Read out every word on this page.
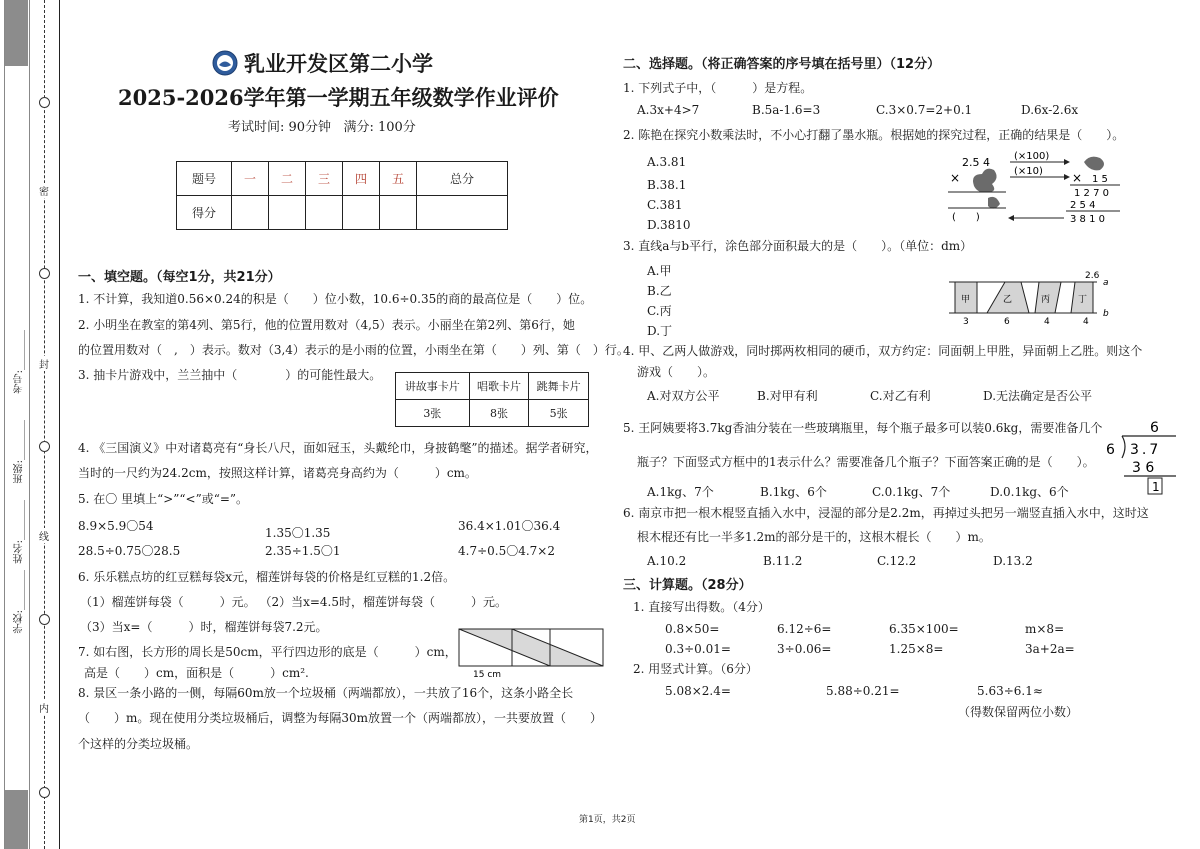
学校:________
姓名:________
班级:________
考号:________
密
封
线
内
乳业开发区第二小学
2025-2026学年第一学期五年级数学作业评价
考试时间: 90分钟   满分: 100分
题号	一	二	三	四	五	总分
得分						
一、填空题。（每空1分，共21分）
1. 不计算，我知道0.56×0.24的积是（　　）位小数，10.6÷0.35的商的最高位是（　　）位。
2. 小明坐在教室的第4列、第5行，他的位置用数对（4,5）表示。小丽坐在第2列、第6行，她
的位置用数对（　,　）表示。数对（3,4）表示的是小雨的位置，小雨坐在第（　　）列、第（　）行。
3. 抽卡片游戏中，兰兰抽中（　　　　）的可能性最大。
讲故事卡片	唱歌卡片	跳舞卡片
3张	8张	5张
4. 《三国演义》中对诸葛亮有“身长八尺，面如冠玉，头戴纶巾，身披鹤氅”的描述。据学者研究，
当时的一尺约为24.2cm，按照这样计算，诸葛亮身高约为（　　　）cm。
5. 在〇 里填上“>”“<”或“=”。
8.9×5.9〇54	1.35〇1.35	36.4×1.01〇36.4
28.5÷0.75〇28.5	2.35÷1.5〇1	4.7÷0.5〇4.7×2
6. 乐乐糕点坊的红豆糕每袋x元，榴莲饼每袋的价格是红豆糕的1.2倍。
（1）榴莲饼每袋（　　　）元。 （2）当x=4.5时，榴莲饼每袋（　　　）元。
（3）当x=（　　　）时，榴莲饼每袋7.2元。
7. 如右图，长方形的周长是50cm，平行四边形的底是（　　　）cm，
高是（　　）cm，面积是（　　　）cm².	15 cm
8. 景区一条小路的一侧，每隔60m放一个垃圾桶（两端都放），一共放了16个，这条小路全长
（　　）m。现在使用分类垃圾桶后，调整为每隔30m放置一个（两端都放），一共要放置（　　）
个这样的分类垃圾桶。
二、选择题。（将正确答案的序号填在括号里）（12分）
1. 下列式子中，（　　　）是方程。
A.3x+4>7	B.5a-1.6=3	C.3×0.7=2+0.1	D.6x-2.6x
2. 陈艳在探究小数乘法时，不小心打翻了墨水瓶。根据她的探究过程，正确的结果是（　　）。
A.3.81
B.38.1
C.381
D.3810
2.5 4
×
(　　)
(×100)
(×10) × 1 5
1 2 7 0
2 5 4
3 8 1 0
3. 直线a与b平行，涂色部分面积最大的是（　　）。（单位：dm）
A.甲
B.乙
C.丙
D.丁
2.6
a
b
甲	乙	丙	丁
3	6	4	4
4. 甲、乙两人做游戏，同时掷两枚相同的硬币，双方约定：同面朝上甲胜，异面朝上乙胜。则这个
游戏（　　）。
A.对双方公平	B.对甲有利	C.对乙有利	D.无法确定是否公平
5. 王阿姨要将3.7kg香油分装在一些玻璃瓶里，每个瓶子最多可以装0.6kg，需要准备几个
瓶子？下面竖式方框中的1表示什么？需要准备几个瓶子？下面答案正确的是（　　）。
A.1kg、7个	B.1kg、6个	C.0.1kg、7个	D.0.1kg、6个
6
6 3.7
3 6
1
6. 南京市把一根木棍竖直插入水中，浸湿的部分是2.2m，再掉过头把另一端竖直插入水中，这时这
根木棍还有比一半多1.2m的部分是干的，这根木棍长（　　）m。
A.10.2	B.11.2	C.12.2	D.13.2
三、计算题。（28分）
1. 直接写出得数。（4分）
0.8×50=	6.12÷6=	6.35×100=	m×8=
0.3÷0.01=	3÷0.06=	1.25×8=	3a+2a=
2. 用竖式计算。（6分）
5.08×2.4=	5.88÷0.21=	5.63÷6.1≈
（得数保留两位小数）
第1页，共2页
